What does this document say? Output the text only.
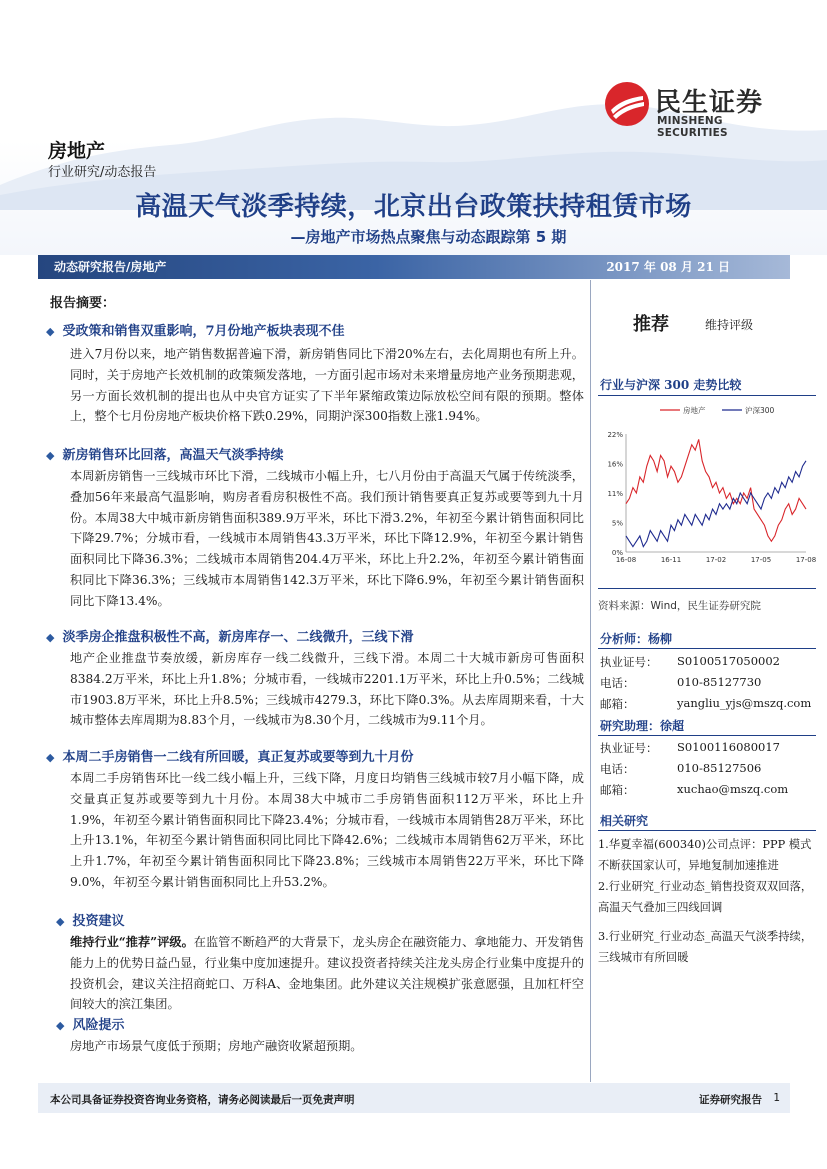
民生证券
MINSHENG SECURITIES
房地产
行业研究/动态报告
高温天气淡季持续，北京出台政策扶持租赁市场
—房地产市场热点聚焦与动态跟踪第 5 期
动态研究报告/房地产	2017 年 08 月 21 日
报告摘要：
◆ 受政策和销售双重影响，7月份地产板块表现不佳
进入7月份以来，地产销售数据普遍下滑，新房销售同比下滑20%左右，去化周期也有所上升。同时，关于房地产长效机制的政策频发落地，一方面引起市场对未来增量房地产业务预期悲观，另一方面长效机制的提出也从中央官方证实了下半年紧缩政策边际放松空间有限的预期。整体上，整个七月份房地产板块价格下跌0.29%，同期沪深300指数上涨1.94%。
◆ 新房销售环比回落，高温天气淡季持续
本周新房销售一三线城市环比下滑，二线城市小幅上升，七八月份由于高温天气属于传统淡季，叠加56年来最高气温影响，购房者看房积极性不高。我们预计销售要真正复苏或要等到九十月份。本周38大中城市新房销售面积389.9万平米，环比下滑3.2%，年初至今累计销售面积同比下降29.7%；分城市看，一线城市本周销售43.3万平米，环比下降12.9%，年初至今累计销售面积同比下降36.3%；二线城市本周销售204.4万平米，环比上升2.2%，年初至今累计销售面积同比下降36.3%；三线城市本周销售142.3万平米，环比下降6.9%，年初至今累计销售面积同比下降13.4%。
◆ 淡季房企推盘积极性不高，新房库存一、二线微升，三线下滑
地产企业推盘节奏放缓，新房库存一线二线微升，三线下滑。本周二十大城市新房可售面积8384.2万平米，环比上升1.8%；分城市看，一线城市2201.1万平米，环比上升0.5%；二线城市1903.8万平米，环比上升8.5%；三线城市4279.3，环比下降0.3%。从去库周期来看，十大城市整体去库周期为8.83个月，一线城市为8.30个月，二线城市为9.11个月。
◆ 本周二手房销售一二线有所回暖，真正复苏或要等到九十月份
本周二手房销售环比一线二线小幅上升，三线下降，月度日均销售三线城市较7月小幅下降，成交量真正复苏或要等到九十月份。本周38大中城市二手房销售面积112万平米，环比上升1.9%，年初至今累计销售面积同比下降23.4%；分城市看，一线城市本周销售28万平米，环比上升13.1%，年初至今累计销售面积同比同比下降42.6%；二线城市本周销售62万平米，环比上升1.7%，年初至今累计销售面积同比下降23.8%；三线城市本周销售22万平米，环比下降9.0%，年初至今累计销售面积同比上升53.2%。
◆ 投资建议
维持行业“推荐”评级。在监管不断趋严的大背景下，龙头房企在融资能力、拿地能力、开发销售能力上的优势日益凸显，行业集中度加速提升。建议投资者持续关注龙头房企行业集中度提升的投资机会，建议关注招商蛇口、万科A、金地集团。此外建议关注规模扩张意愿强，且加杠杆空间较大的滨江集团。
◆ 风险提示
房地产市场景气度低于预期；房地产融资收紧超预期。
推荐	维持评级
行业与沪深 300 走势比较
0%
5%
11%
16%
22%
16-08	16-11	17-02	17-05	17-08
房地产	沪深300
资料来源：Wind，民生证券研究院
分析师：杨柳
执业证号： S0100517050002
电话：	010-85127730
邮箱：	yangliu_yjs@mszq.com
研究助理：徐超
执业证号： S0100116080017
电话：	010-85127506
邮箱：	xuchao@mszq.com
相关研究
1.华夏幸福(600340)公司点评：PPP 模式不断获国家认可，异地复制加速推进
2.行业研究_行业动态_销售投资双双回落，高温天气叠加三四线回调
3.行业研究_行业动态_高温天气淡季持续，三线城市有所回暖
本公司具备证券投资咨询业务资格，请务必阅读最后一页免责声明	证券研究报告 1
